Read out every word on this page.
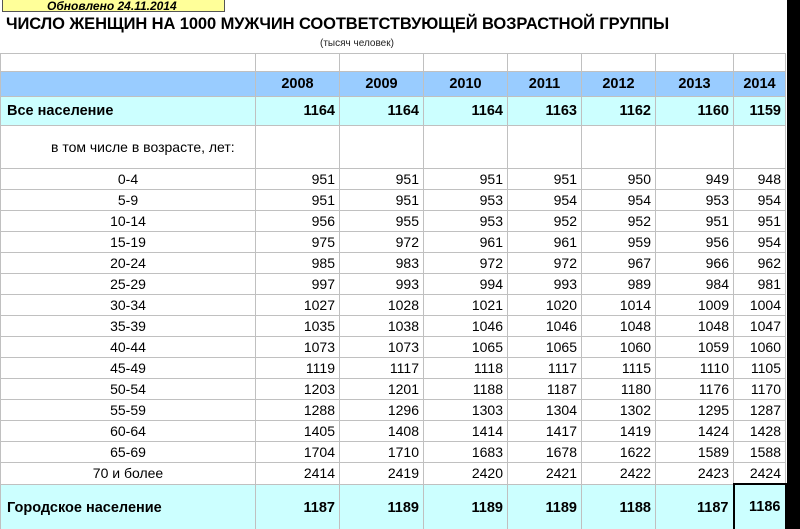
Обновлено 24.11.2014
ЧИСЛО ЖЕНЩИН НА 1000 МУЖЧИН СООТВЕТСТВУЮЩЕЙ ВОЗРАСТНОЙ ГРУППЫ
(тысяч человек)

	2008	2009	2010	2011	2012	2013	2014
Все население	1164	1164	1164	1163	1162	1160	1159
в том числе в возрасте, лет:							
0-4	951	951	951	951	950	949	948
5-9	951	951	953	954	954	953	954
10-14	956	955	953	952	952	951	951
15-19	975	972	961	961	959	956	954
20-24	985	983	972	972	967	966	962
25-29	997	993	994	993	989	984	981
30-34	1027	1028	1021	1020	1014	1009	1004
35-39	1035	1038	1046	1046	1048	1048	1047
40-44	1073	1073	1065	1065	1060	1059	1060
45-49	1119	1117	1118	1117	1115	1110	1105
50-54	1203	1201	1188	1187	1180	1176	1170
55-59	1288	1296	1303	1304	1302	1295	1287
60-64	1405	1408	1414	1417	1419	1424	1428
65-69	1704	1710	1683	1678	1622	1589	1588
70 и более	2414	2419	2420	2421	2422	2423	2424
Городское население	1187	1189	1189	1189	1188	1187	1186
